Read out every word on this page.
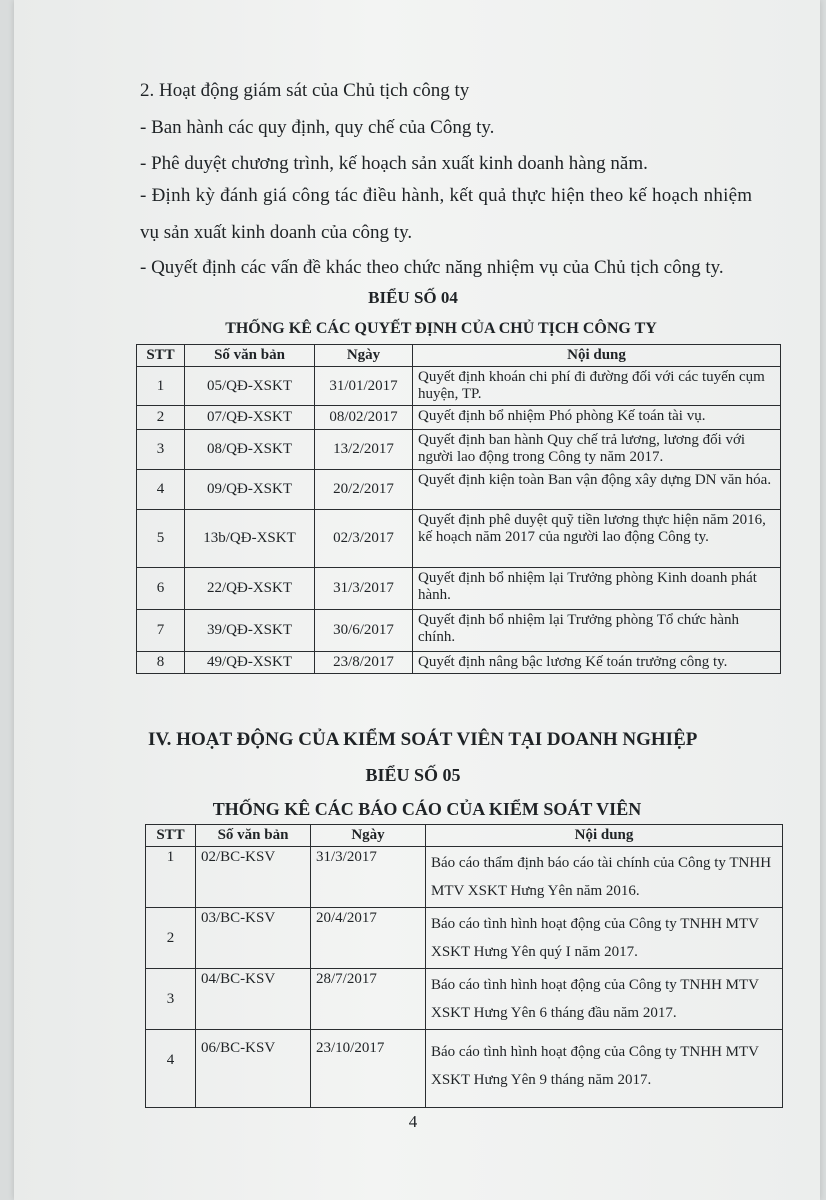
2. Hoạt động giám sát của Chủ tịch công ty
- Ban hành các quy định, quy chế của Công ty.
- Phê duyệt chương trình, kế hoạch sản xuất kinh doanh hàng năm.
- Định kỳ đánh giá công tác điều hành, kết quả thực hiện theo kế hoạch nhiệm
vụ sản xuất kinh doanh của công ty.
- Quyết định các vấn đề khác theo chức năng nhiệm vụ của Chủ tịch công ty.
BIỂU SỐ 04
THỐNG KÊ CÁC QUYẾT ĐỊNH CỦA CHỦ TỊCH CÔNG TY
STT	Số văn bản	Ngày	Nội dung
1	05/QĐ-XSKT	31/01/2017	Quyết định khoán chi phí đi đường đối với các tuyến cụm huyện, TP.
2	07/QĐ-XSKT	08/02/2017	Quyết định bổ nhiệm Phó phòng Kế toán tài vụ.
3	08/QĐ-XSKT	13/2/2017	Quyết định ban hành Quy chế trả lương, lương đối với người lao động trong Công ty năm 2017.
4	09/QĐ-XSKT	20/2/2017	Quyết định kiện toàn Ban vận động xây dựng DN văn hóa.
5	13b/QĐ-XSKT	02/3/2017	Quyết định phê duyệt quỹ tiền lương thực hiện năm 2016, kế hoạch năm 2017 của người lao động Công ty.
6	22/QĐ-XSKT	31/3/2017	Quyết định bổ nhiệm lại Trưởng phòng Kinh doanh phát hành.
7	39/QĐ-XSKT	30/6/2017	Quyết định bổ nhiệm lại Trưởng phòng Tổ chức hành chính.
8	49/QĐ-XSKT	23/8/2017	Quyết định nâng bậc lương Kế toán trưởng công ty.
IV. HOẠT ĐỘNG CỦA KIỂM SOÁT VIÊN TẠI DOANH NGHIỆP
BIỂU SỐ 05
THỐNG KÊ CÁC BÁO CÁO CỦA KIỂM SOÁT VIÊN
STT	Số văn bản	Ngày	Nội dung
1	02/BC-KSV	31/3/2017	Báo cáo thẩm định báo cáo tài chính của Công ty TNHH MTV XSKT Hưng Yên năm 2016.
2	03/BC-KSV	20/4/2017	Báo cáo tình hình hoạt động của Công ty TNHH MTV XSKT Hưng Yên quý I năm 2017.
3	04/BC-KSV	28/7/2017	Báo cáo tình hình hoạt động của Công ty TNHH MTV XSKT Hưng Yên 6 tháng đầu năm 2017.
4	06/BC-KSV	23/10/2017	Báo cáo tình hình hoạt động của Công ty TNHH MTV XSKT Hưng Yên 9 tháng năm 2017.
4
